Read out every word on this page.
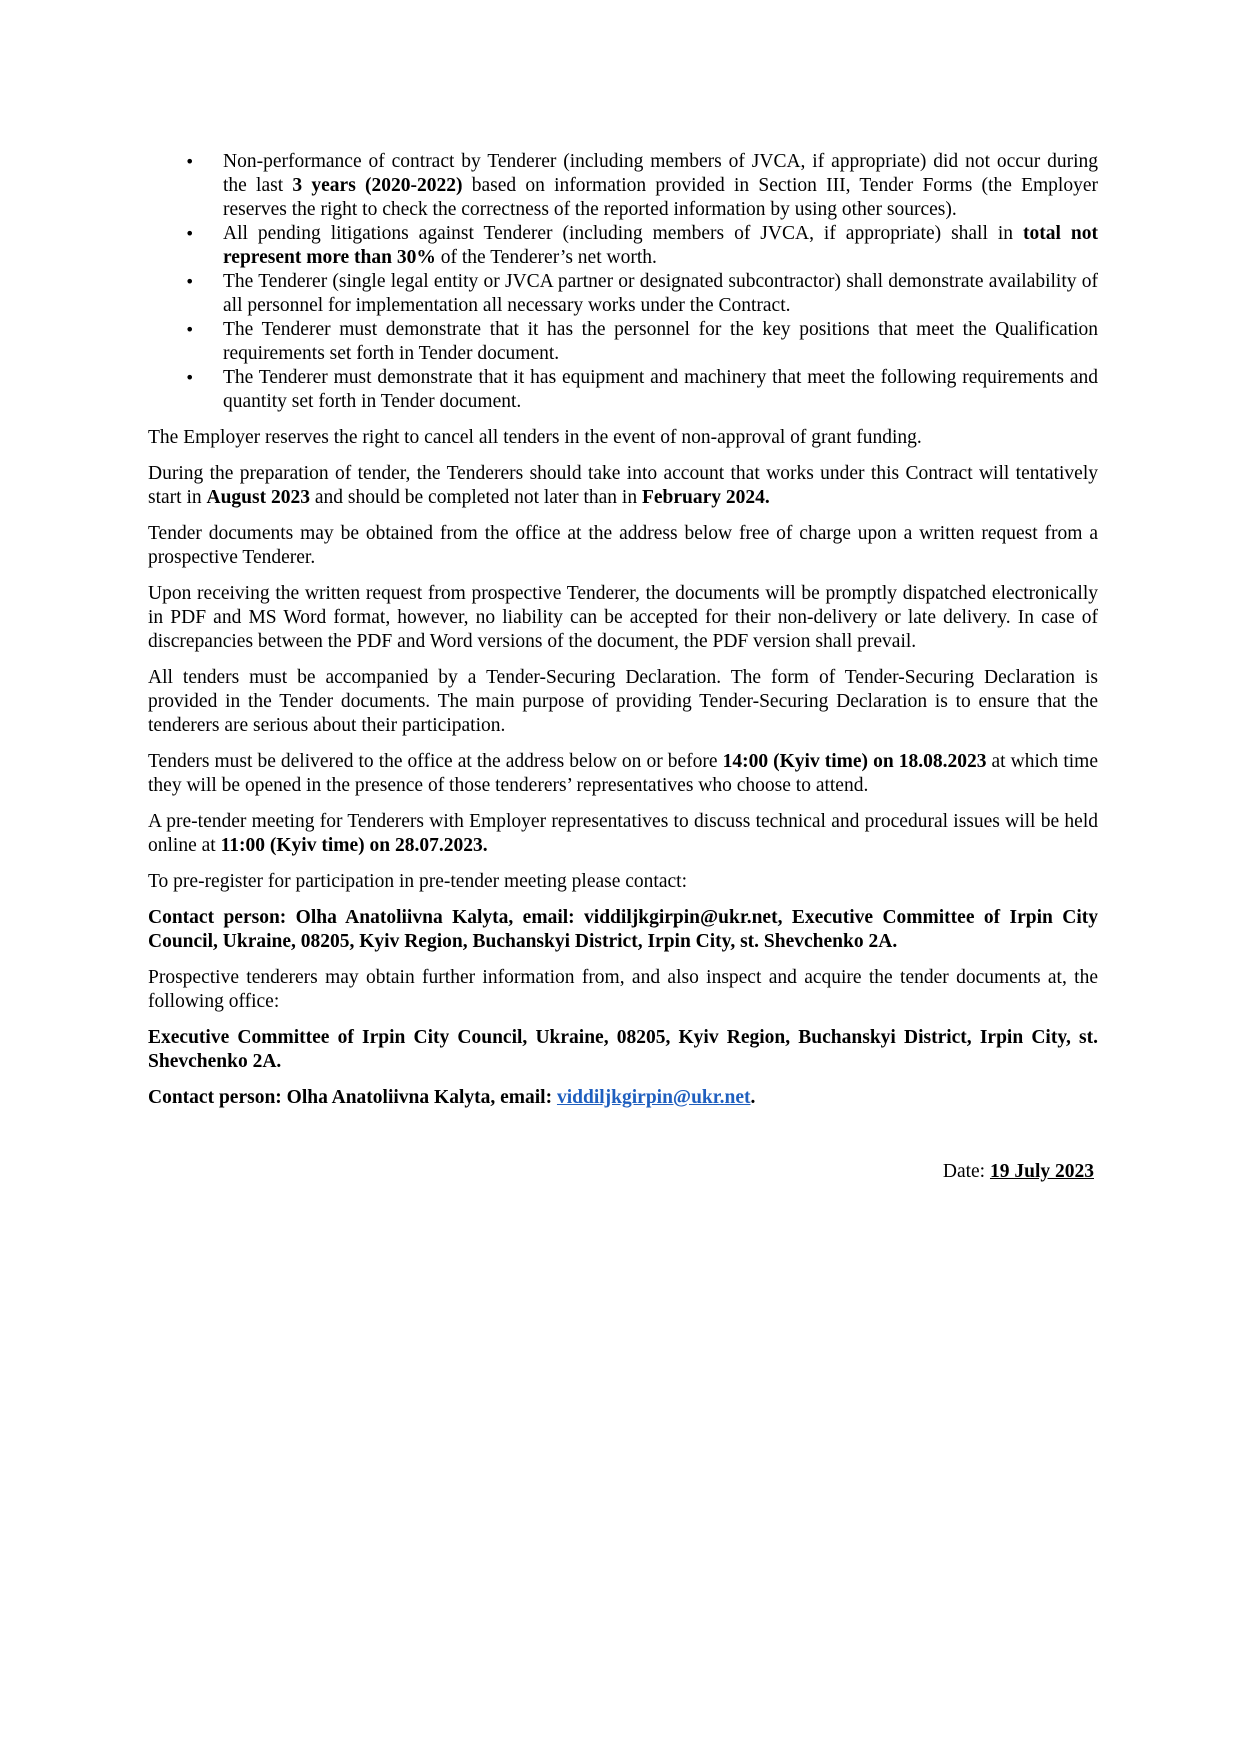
• Non-performance of contract by Tenderer (including members of JVCA, if appropriate) did not occur during the last 3 years (2020-2022) based on information provided in Section III, Tender Forms (the Employer reserves the right to check the correctness of the reported information by using other sources).
• All pending litigations against Tenderer (including members of JVCA, if appropriate) shall in total not represent more than 30% of the Tenderer’s net worth.
• The Tenderer (single legal entity or JVCA partner or designated subcontractor) shall demonstrate availability of all personnel for implementation all necessary works under the Contract.
• The Tenderer must demonstrate that it has the personnel for the key positions that meet the Qualification requirements set forth in Tender document.
• The Tenderer must demonstrate that it has equipment and machinery that meet the following requirements and quantity set forth in Tender document.

The Employer reserves the right to cancel all tenders in the event of non-approval of grant funding.

During the preparation of tender, the Tenderers should take into account that works under this Contract will tentatively start in August 2023 and should be completed not later than in February 2024.

Tender documents may be obtained from the office at the address below free of charge upon a written request from a prospective Tenderer.

Upon receiving the written request from prospective Tenderer, the documents will be promptly dispatched electronically in PDF and MS Word format, however, no liability can be accepted for their non-delivery or late delivery. In case of discrepancies between the PDF and Word versions of the document, the PDF version shall prevail.

All tenders must be accompanied by a Tender-Securing Declaration. The form of Tender-Securing Declaration is provided in the Tender documents. The main purpose of providing Tender-Securing Declaration is to ensure that the tenderers are serious about their participation.

Tenders must be delivered to the office at the address below on or before 14:00 (Kyiv time) on 18.08.2023 at which time they will be opened in the presence of those tenderers’ representatives who choose to attend.

A pre-tender meeting for Tenderers with Employer representatives to discuss technical and procedural issues will be held online at 11:00 (Kyiv time) on 28.07.2023.

To pre-register for participation in pre-tender meeting please contact:

Contact person: Olha Anatoliivna Kalyta, email: viddiljkgirpin@ukr.net, Executive Committee of Irpin City Council, Ukraine, 08205, Kyiv Region, Buchanskyi District, Irpin City, st. Shevchenko 2A.

Prospective tenderers may obtain further information from, and also inspect and acquire the tender documents at, the following office:

Executive Committee of Irpin City Council, Ukraine, 08205, Kyiv Region, Buchanskyi District, Irpin City, st. Shevchenko 2A.

Contact person: Olha Anatoliivna Kalyta, email: viddiljkgirpin@ukr.net.

Date: 19 July 2023
